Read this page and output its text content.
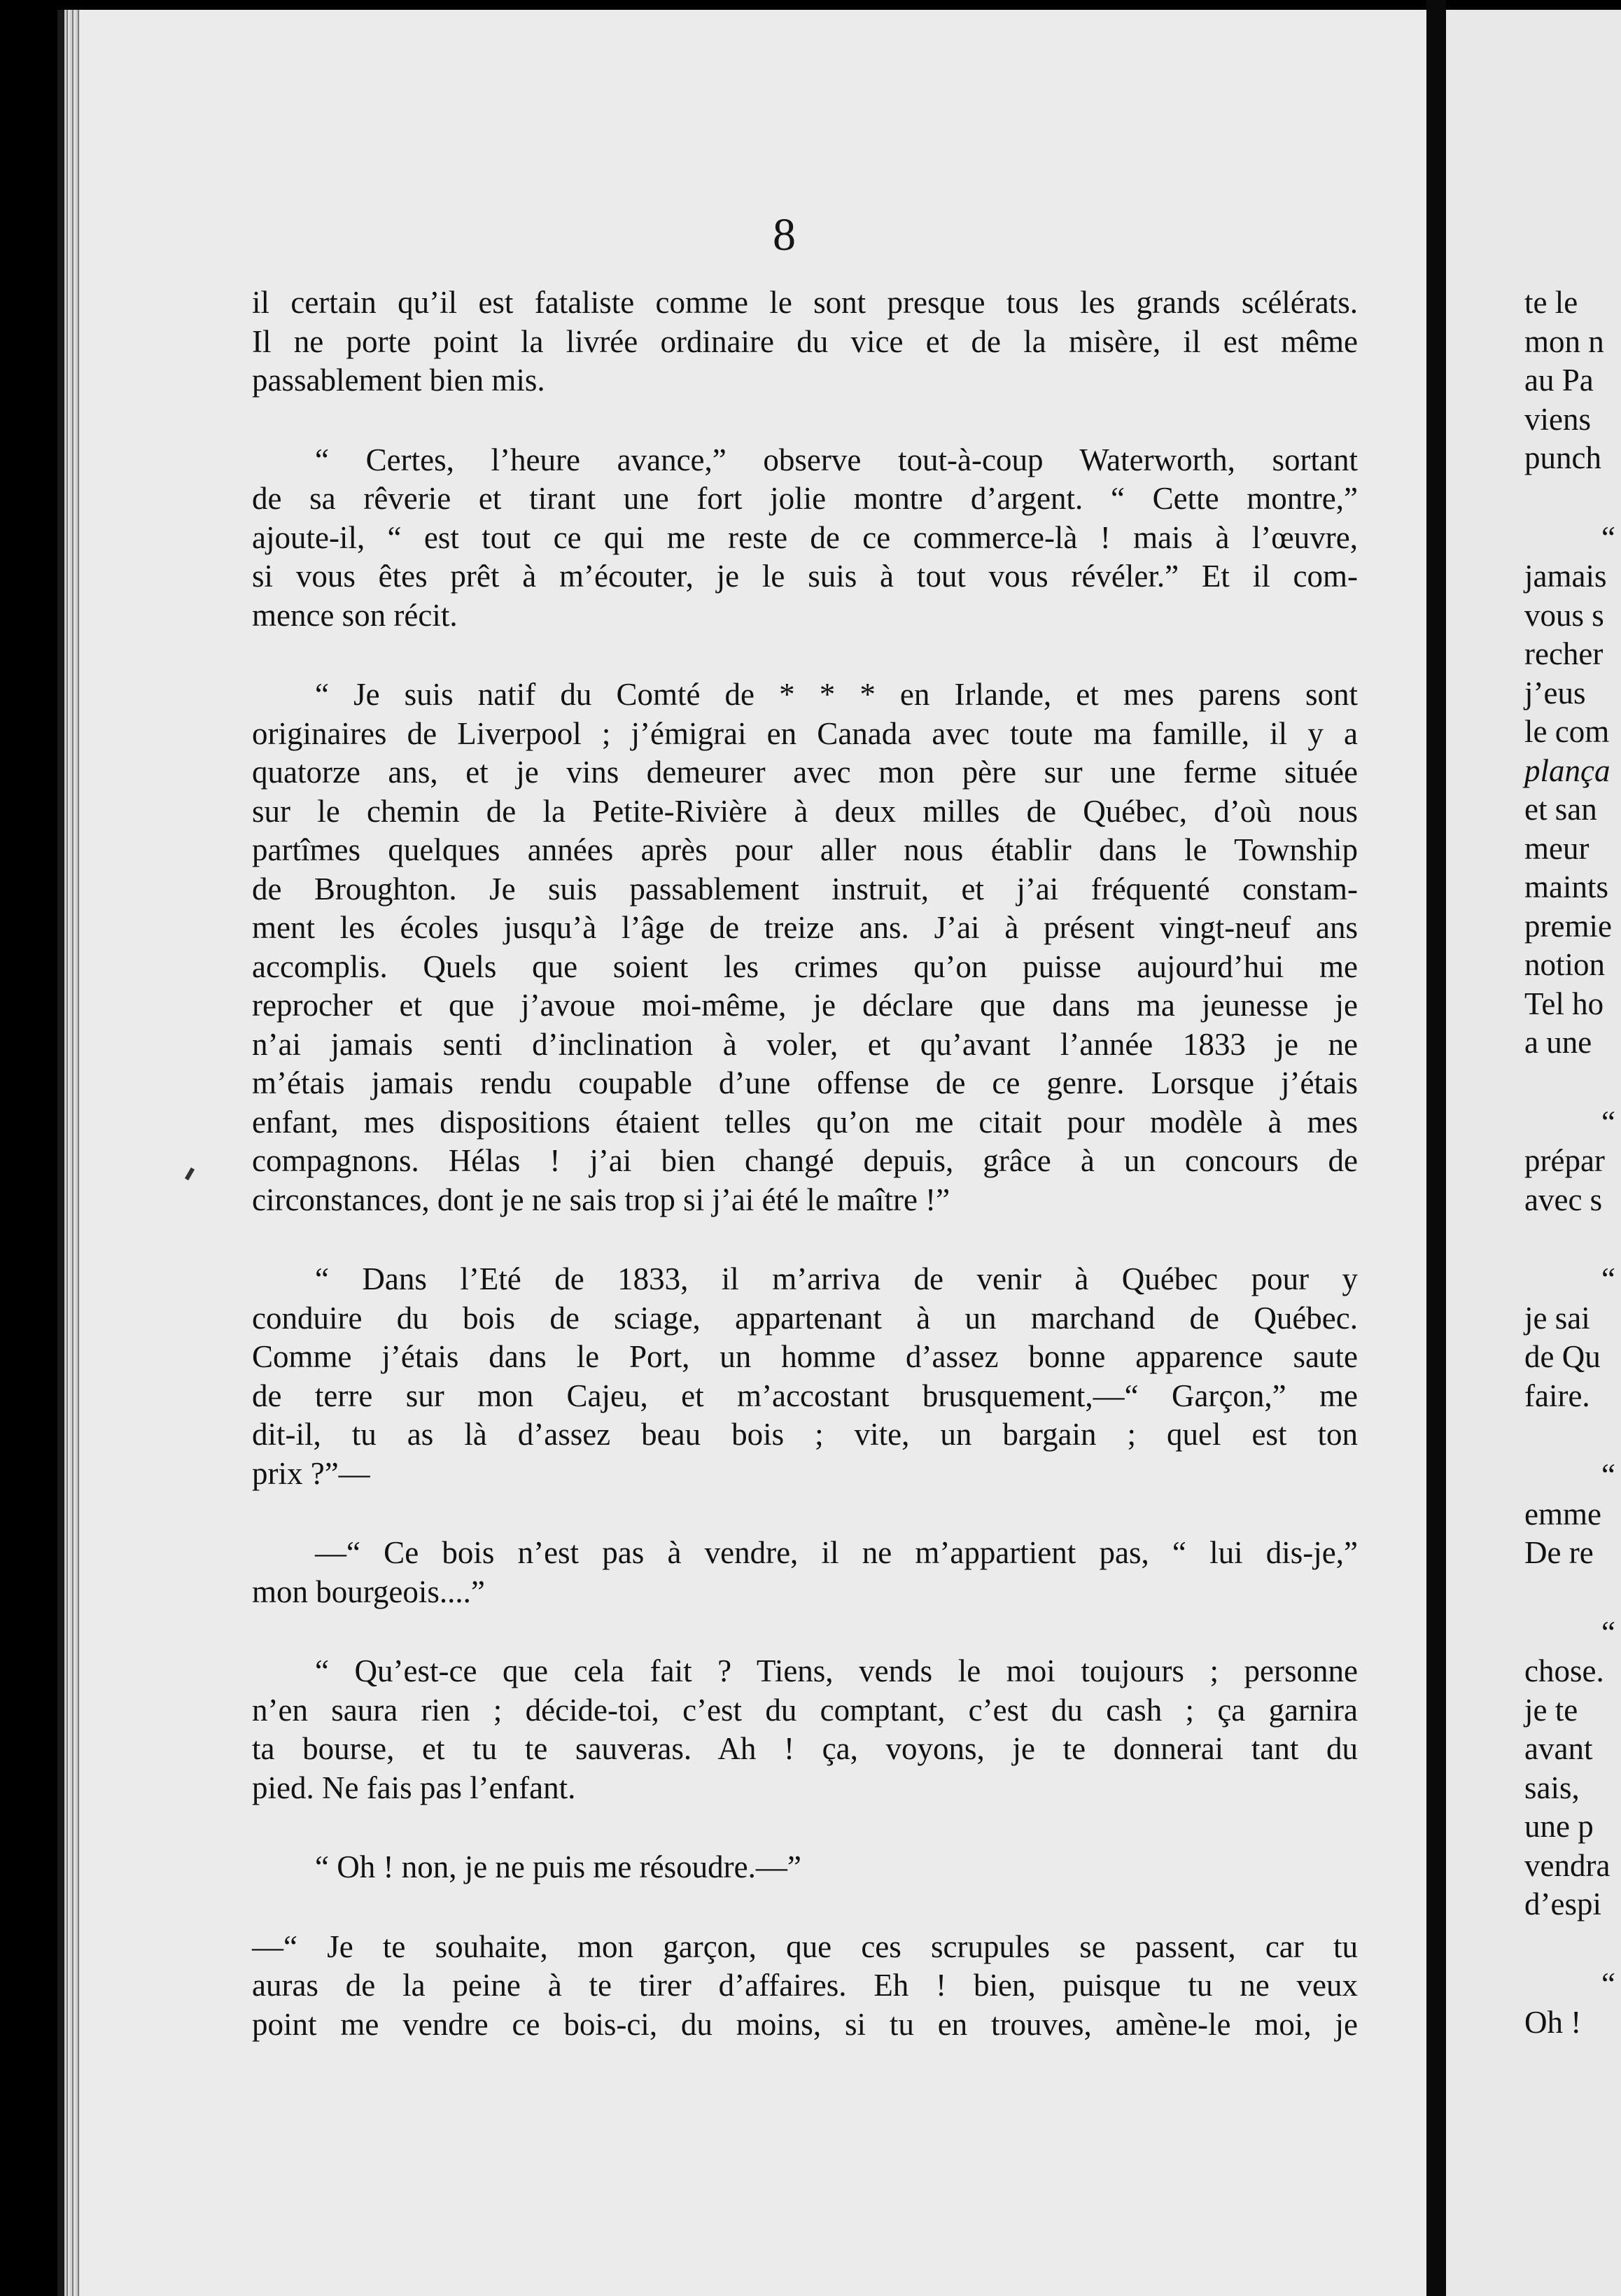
8
il certain qu’il est fataliste comme le sont presque tous les grands scélérats.
Il ne porte point la livrée ordinaire du vice et de la misère, il est même
passablement bien mis.
“ Certes, l’heure avance,” observe tout-à-coup Waterworth, sortant
de sa rêverie et tirant une fort jolie montre d’argent. “ Cette montre,”
ajoute-il, “ est tout ce qui me reste de ce commerce-là ! mais à l’œuvre,
si vous êtes prêt à m’écouter, je le suis à tout vous révéler.” Et il com-
mence son récit.
“ Je suis natif du Comté de * * * en Irlande, et mes parens sont
originaires de Liverpool ; j’émigrai en Canada avec toute ma famille, il y a
quatorze ans, et je vins demeurer avec mon père sur une ferme située
sur le chemin de la Petite-Rivière à deux milles de Québec, d’où nous
partîmes quelques années après pour aller nous établir dans le Township
de Broughton. Je suis passablement instruit, et j’ai fréquenté constam-
ment les écoles jusqu’à l’âge de treize ans. J’ai à présent vingt-neuf ans
accomplis. Quels que soient les crimes qu’on puisse aujourd’hui me
reprocher et que j’avoue moi-même, je déclare que dans ma jeunesse je
n’ai jamais senti d’inclination à voler, et qu’avant l’année 1833 je ne
m’étais jamais rendu coupable d’une offense de ce genre. Lorsque j’étais
enfant, mes dispositions étaient telles qu’on me citait pour modèle à mes
compagnons. Hélas ! j’ai bien changé depuis, grâce à un concours de
circonstances, dont je ne sais trop si j’ai été le maître !”
“ Dans l’Eté de 1833, il m’arriva de venir à Québec pour y
conduire du bois de sciage, appartenant à un marchand de Québec.
Comme j’étais dans le Port, un homme d’assez bonne apparence saute
de terre sur mon Cajeu, et m’accostant brusquement,—“ Garçon,” me
dit-il, tu as là d’assez beau bois ; vite, un bargain ; quel est ton
prix ?”—
—“ Ce bois n’est pas à vendre, il ne m’appartient pas, “ lui dis-je,”
mon bourgeois....”
“ Qu’est-ce que cela fait ? Tiens, vends le moi toujours ; personne
n’en saura rien ; décide-toi, c’est du comptant, c’est du cash ; ça garnira
ta bourse, et tu te sauveras. Ah ! ça, voyons, je te donnerai tant du
pied. Ne fais pas l’enfant.
“ Oh ! non, je ne puis me résoudre.—”
—“ Je te souhaite, mon garçon, que ces scrupules se passent, car tu
auras de la peine à te tirer d’affaires. Eh ! bien, puisque tu ne veux
point me vendre ce bois-ci, du moins, si tu en trouves, amène-le moi, je
te le
mon n
au Pa
viens
punch
“
jamais
vous s
recher
j’eus
le com
plança
et san
meur
maints
premie
notion
Tel ho
a une
“
prépar
avec s
“
je sai
de Qu
faire.
“
emme
De re
“
chose.
je te
avant
sais,
une p
vendra
d’espi
“
Oh !
